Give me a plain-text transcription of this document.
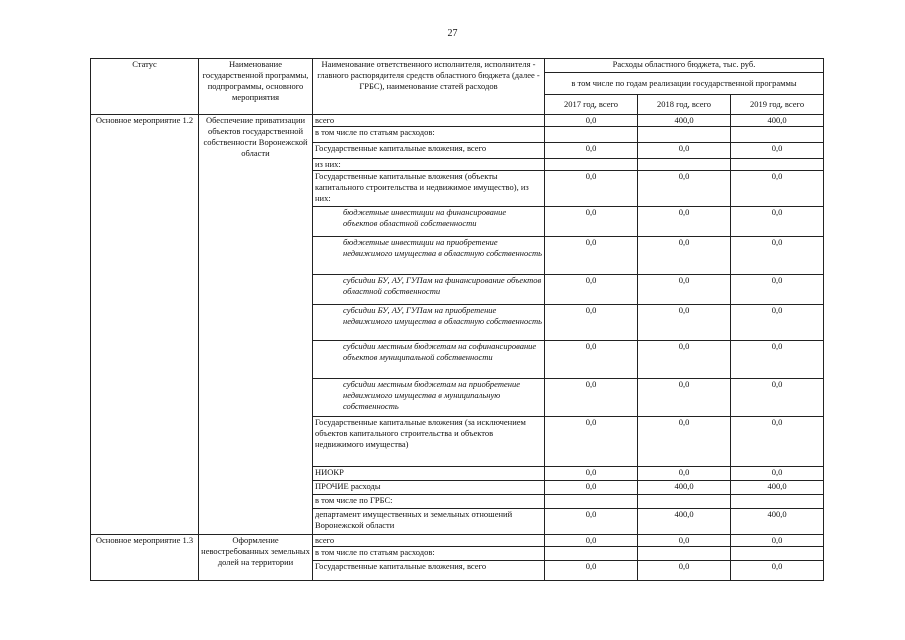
27
Статус	Наименование государственной программы, подпрограммы, основного мероприятия	Наименование ответственного исполнителя, исполнителя - главного распорядителя средств областного бюджета (далее - ГРБС), наименование статей расходов	Расходы областного бюджета, тыс. руб.		
			в том числе по годам реализации государственной программы		
			2017 год, всего	2018 год, всего	2019 год, всего
Основное мероприятие 1.2	Обеспечение приватизации объектов государственной собственности Воронежской области	всего	0,0	400,0	400,0
		в том числе по статьям расходов:			
		Государственные капитальные вложения, всего	0,0	0,0	0,0
		из них:			
		Государственные капитальные вложения (объекты капитального строительства и недвижимое имущество), из них:	0,0	0,0	0,0
		бюджетные инвестиции на финансирование объектов областной собственности	0,0	0,0	0,0
		бюджетные инвестиции на приобретение недвижимого имущества в областную собственность	0,0	0,0	0,0
		субсидии БУ, АУ, ГУПам на финансирование объектов областной собственности	0,0	0,0	0,0
		субсидии БУ, АУ, ГУПам на приобретение недвижимого имущества в областную собственность	0,0	0,0	0,0
		субсидии местным бюджетам на софинансирование объектов муниципальной собственности	0,0	0,0	0,0
		субсидии местным бюджетам на приобретение недвижимого имущества в муниципальную собственность	0,0	0,0	0,0
		Государственные капитальные вложения (за исключением объектов капитального строительства и объектов недвижимого имущества)	0,0	0,0	0,0
		НИОКР	0,0	0,0	0,0
		ПРОЧИЕ расходы	0,0	400,0	400,0
		в том числе по ГРБС:			
		департамент имущественных и земельных отношений Воронежской области	0,0	400,0	400,0
Основное мероприятие 1.3	Оформление невостребованных земельных долей на территории	всего	0,0	0,0	0,0
		в том числе по статьям расходов:			
		Государственные капитальные вложения, всего	0,0	0,0	0,0
